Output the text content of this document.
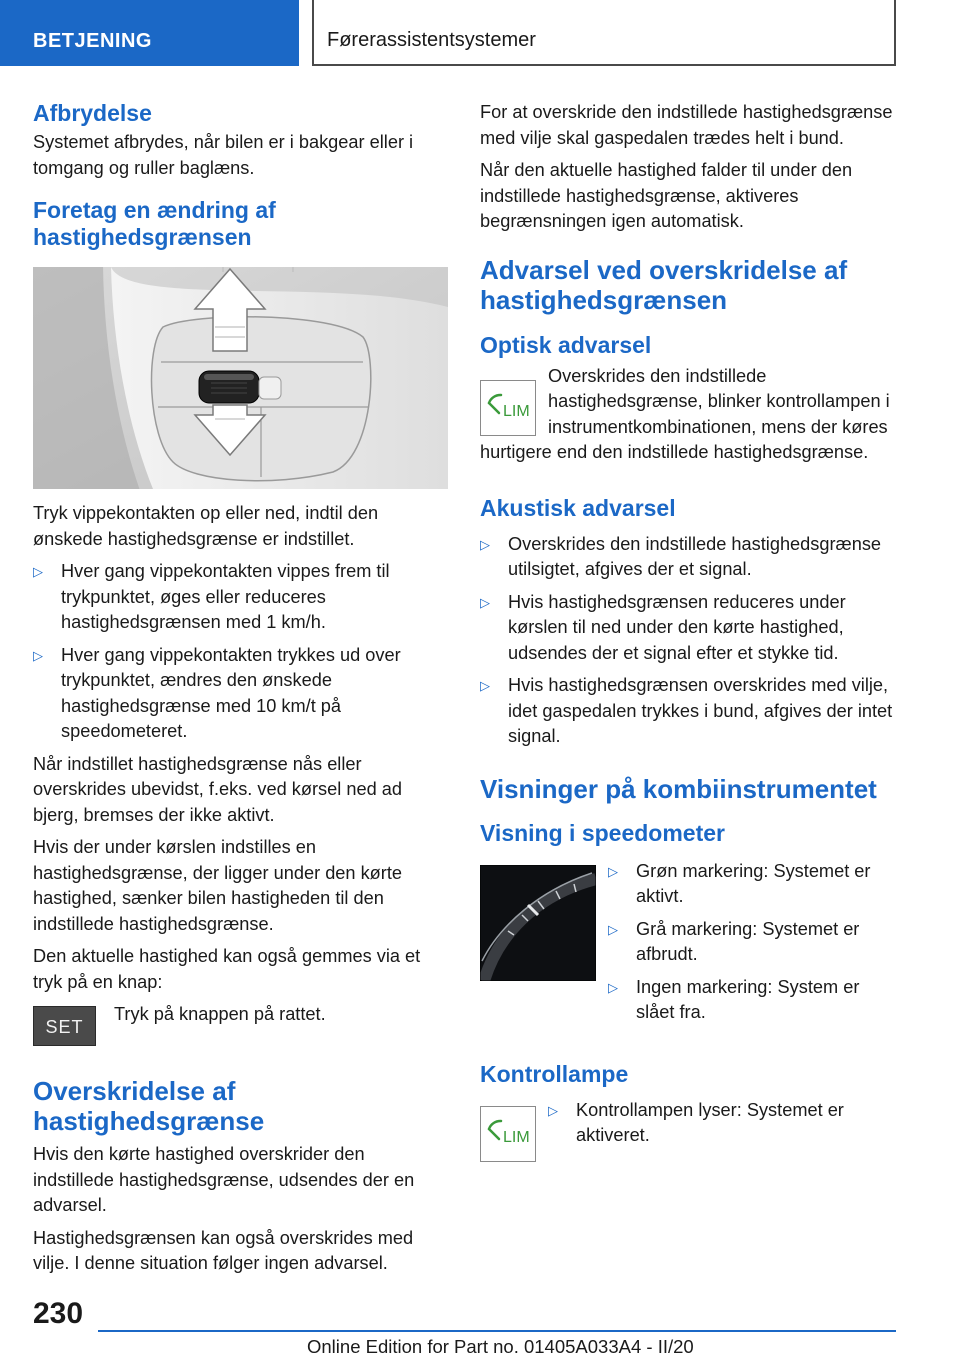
BETJENING	Førerassistentsystemer
Afbrydelse

Systemet afbrydes, når bilen er i bakgear eller i tomgang og ruller baglæns.

Foretag en ændring af hastighedsgrænsen

Tryk vippekontakten op eller ned, indtil den ønskede hastighedsgrænse er indstillet.

▷ Hver gang vippekontakten vippes frem til trykpunktet, øges eller reduceres hastighedsgrænsen med 1 km/h.
▷ Hver gang vippekontakten trykkes ud over trykpunktet, ændres den ønskede hastighedsgrænse med 10 km/t på speedometeret.

Når indstillet hastighedsgrænse nås eller overskrides ubevidst, f.eks. ved kørsel ned ad bjerg, bremses der ikke aktivt.

Hvis der under kørslen indstilles en hastighedsgrænse, der ligger under den kørte hastighed, sænker bilen hastigheden til den indstillede hastighedsgrænse.

Den aktuelle hastighed kan også gemmes via et tryk på en knap:

SET

Tryk på knappen på rattet.

Overskridelse af hastighedsgrænse

Hvis den kørte hastighed overskrider den indstillede hastighedsgrænse, udsendes der en advarsel.

Hastighedsgrænsen kan også overskrides med vilje. I denne situation følger ingen advarsel.

For at overskride den indstillede hastighedsgrænse med vilje skal gaspedalen trædes helt i bund.

Når den aktuelle hastighed falder til under den indstillede hastighedsgrænse, aktiveres begrænsningen igen automatisk.

Advarsel ved overskridelse af hastighedsgrænsen
Optisk advarsel
LIM

Overskrides den indstillede hastighedsgrænse, blinker kontrollampen i instrumentkombinationen, mens der køres hurtigere end den indstillede hastighedsgrænse.

Akustisk advarsel
▷ Overskrides den indstillede hastighedsgrænse utilsigtet, afgives der et signal.
▷ Hvis hastighedsgrænsen reduceres under kørslen til ned under den kørte hastighed, udsendes der et signal efter et stykke tid.
▷ Hvis hastighedsgrænsen overskrides med vilje, idet gaspedalen trykkes i bund, afgives der intet signal.
Visninger på kombiinstrumentet
Visning i speedometer
▷ Grøn markering: Systemet er aktivt.
▷ Grå markering: Systemet er afbrudt.
▷ Ingen markering: System er slået fra.
Kontrollampe
LIM
▷ Kontrollampen lyser: Systemet er aktiveret.
230
Online Edition for Part no. 01405A033A4 - II/20
